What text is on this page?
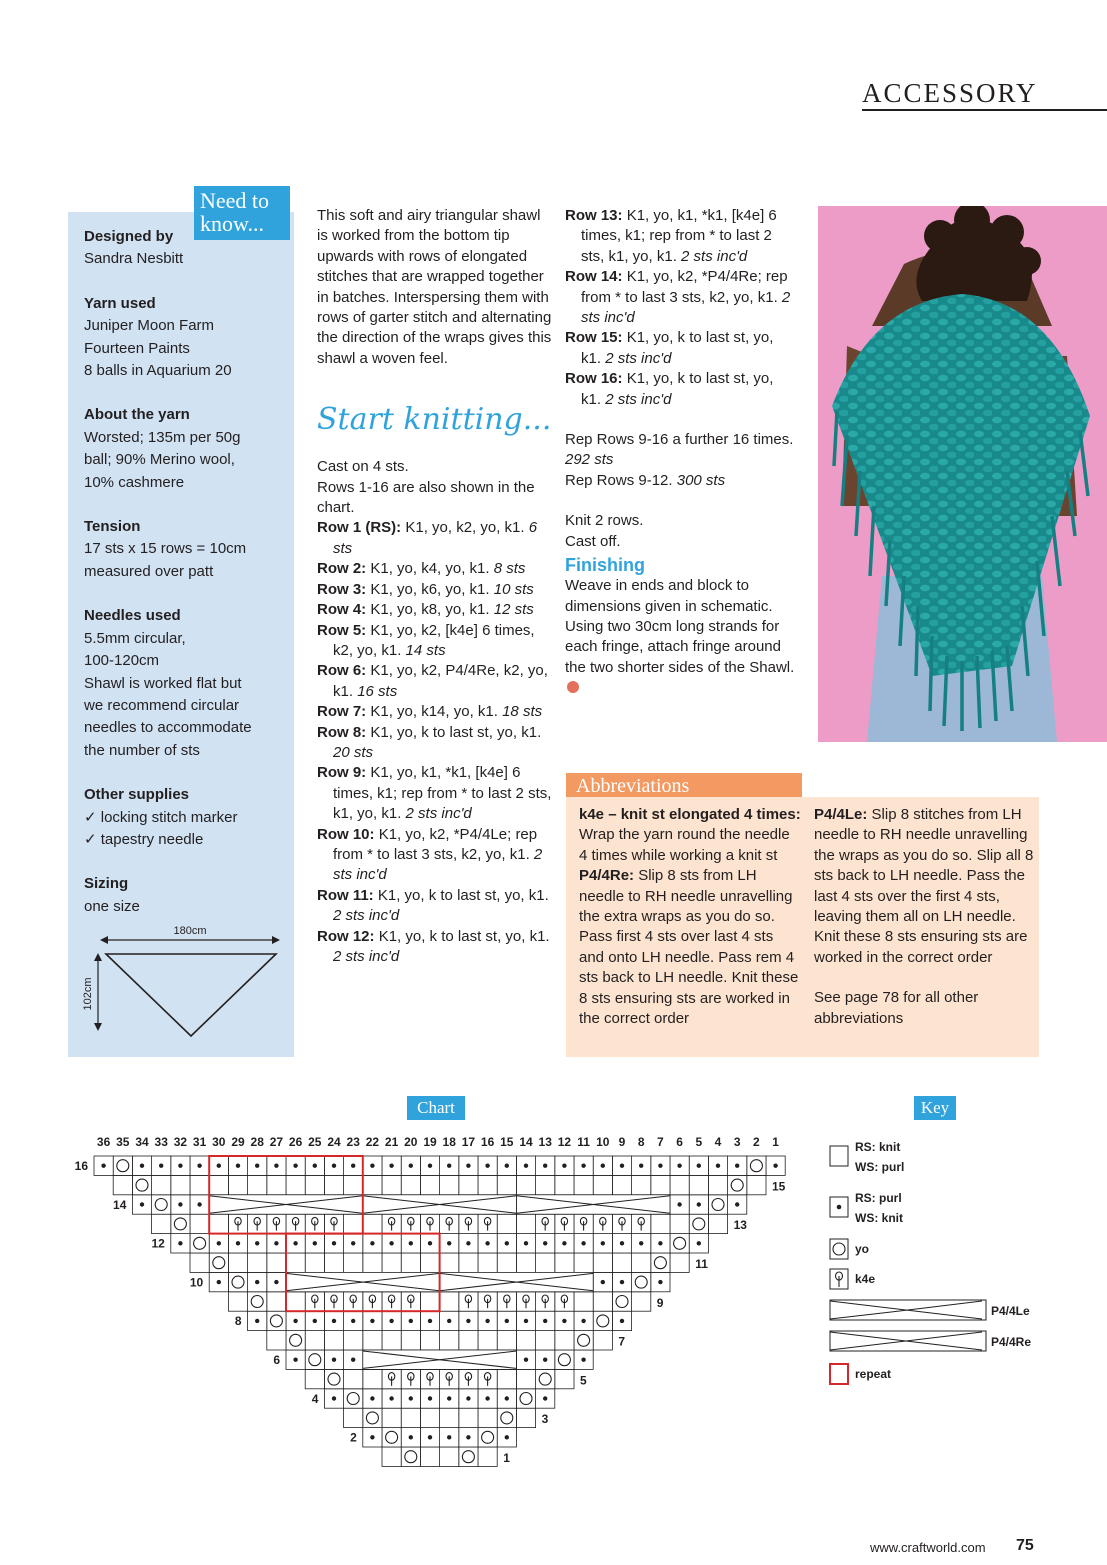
ACCESSORY
Need to know...
Designed by
Sandra Nesbitt
Yarn used
Juniper Moon Farm
Fourteen Paints
8 balls in Aquarium 20
About the yarn
Worsted; 135m per 50g
ball; 90% Merino wool,
10% cashmere
Tension
17 sts x 15 rows = 10cm
measured over patt
Needles used
5.5mm circular,
100-120cm
Shawl is worked flat but
we recommend circular
needles to accommodate
the number of sts
Other supplies
✓ locking stitch marker
✓ tapestry needle
Sizing
one size
180cm
102cm

This soft and airy triangular shawl is worked from the bottom tip upwards with rows of elongated stitches that are wrapped together in batches. Interspersing them with rows of garter stitch and alternating the direction of the wraps gives this shawl a woven feel.

Start knitting...

Cast on 4 sts.

Rows 1-16 are also shown in the chart.

Row 1 (RS): K1, yo, k2, yo, k1. 6 sts
Row 2: K1, yo, k4, yo, k1. 8 sts
Row 3: K1, yo, k6, yo, k1. 10 sts
Row 4: K1, yo, k8, yo, k1. 12 sts
Row 5: K1, yo, k2, [k4e] 6 times, k2, yo, k1. 14 sts
Row 6: K1, yo, k2, P4/4Re, k2, yo, k1. 16 sts
Row 7: K1, yo, k14, yo, k1. 18 sts
Row 8: K1, yo, k to last st, yo, k1. 20 sts
Row 9: K1, yo, k1, *k1, [k4e] 6 times, k1; rep from * to last 2 sts, k1, yo, k1. 2 sts inc'd
Row 10: K1, yo, k2, *P4/4Le; rep from * to last 3 sts, k2, yo, k1. 2 sts inc'd
Row 11: K1, yo, k to last st, yo, k1. 2 sts inc'd
Row 12: K1, yo, k to last st, yo, k1. 2 sts inc'd
Row 13: K1, yo, k1, *k1, [k4e] 6 times, k1; rep from * to last 2 sts, k1, yo, k1. 2 sts inc'd
Row 14: K1, yo, k2, *P4/4Re; rep from * to last 3 sts, k2, yo, k1. 2 sts inc'd
Row 15: K1, yo, k to last st, yo, k1. 2 sts inc'd
Row 16: K1, yo, k to last st, yo, k1. 2 sts inc'd

Rep Rows 9-16 a further 16 times. 292 sts

Rep Rows 9-12. 300 sts

Knit 2 rows.

Cast off.

Finishing

Weave in ends and block to dimensions given in schematic. Using two 30cm long strands for each fringe, attach fringe around the two shorter sides of the Shawl.

Abbreviations

k4e – knit st elongated 4 times: Wrap the yarn round the needle 4 times while working a knit st

P4/4Re: Slip 8 sts from LH needle to RH needle unravelling the extra wraps as you do so. Pass first 4 sts over last 4 sts and onto LH needle. Pass rem 4 sts back to LH needle. Knit these 8 sts ensuring sts are worked in the correct order

P4/4Le: Slip 8 stitches from LH needle to RH needle unravelling the wraps as you do so. Slip all 8 sts back to LH needle. Pass the last 4 sts over the first 4 sts, leaving them all on LH needle. Knit these 8 sts ensuring sts are worked in the correct order

See page 78 for all other abbreviations

Chart
36 35 34 33 32 31 30 29 28 27 26 25 24 23 22 21 20 19 18 17 16 15 14 13 12 11 10 9 8 7 6 5 4 3 2 1
16
14
12
10
8
6
4
2
15
13
11
9
7
5
3
1
Key
RS: knit
WS: purl
RS: purl
WS: knit
yo
k4e
P4/4Le
P4/4Re
repeat
www.craftworld.com 75
